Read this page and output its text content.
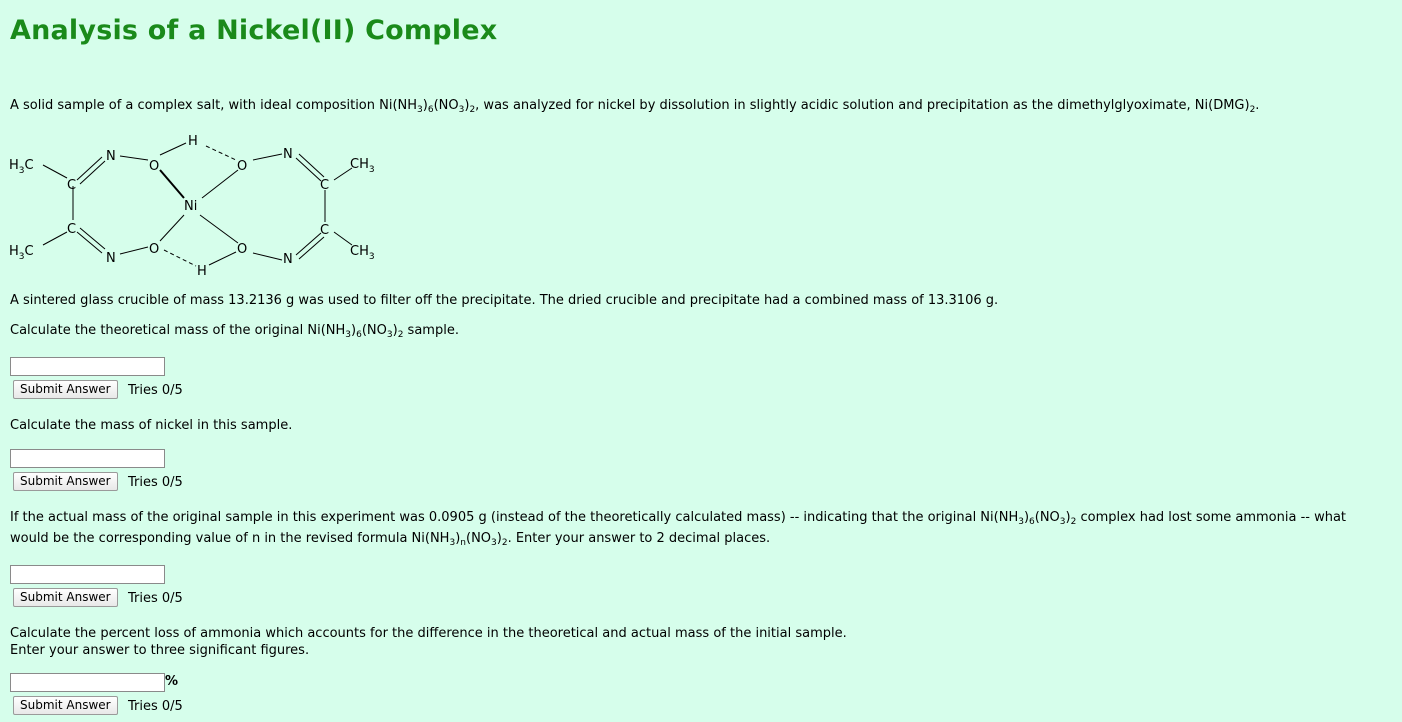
Analysis of a Nickel(II) Complex
A solid sample of a complex salt, with ideal composition $Ni(NH_3)_6(NO_3)_2$, was analyzed for nickel by dissolution in slightly acidic solution and precipitation as the dimethylglyoximate, $Ni(DMG)_2$.
$H_3C$
$H_3C$
$CH_3$
$CH_3$
C
C
C
C
N
N
N
N
O
O
O
O
H
H
Ni
A sintered glass crucible of mass 13.2136 g was used to filter off the precipitate. The dried crucible and precipitate had a combined mass of 13.3106 g.
Calculate the theoretical mass of the original $Ni(NH_3)_6(NO_3)_2$ sample.
Submit Answer	Tries 0/5
Calculate the mass of nickel in this sample.
Submit Answer	Tries 0/5
If the actual mass of the original sample in this experiment was 0.0905 g (instead of the theoretically calculated mass) -- indicating that the original $Ni(NH_3)_6(NO_3)_2$ complex had lost some ammonia -- what
would be the corresponding value of n in the revised formula $Ni(NH_3)_n(NO_3)_2$. Enter your answer to 2 decimal places.
Submit Answer	Tries 0/5
Calculate the percent loss of ammonia which accounts for the difference in the theoretical and actual mass of the initial sample.
Enter your answer to three significant figures.
%
Submit Answer	Tries 0/5
